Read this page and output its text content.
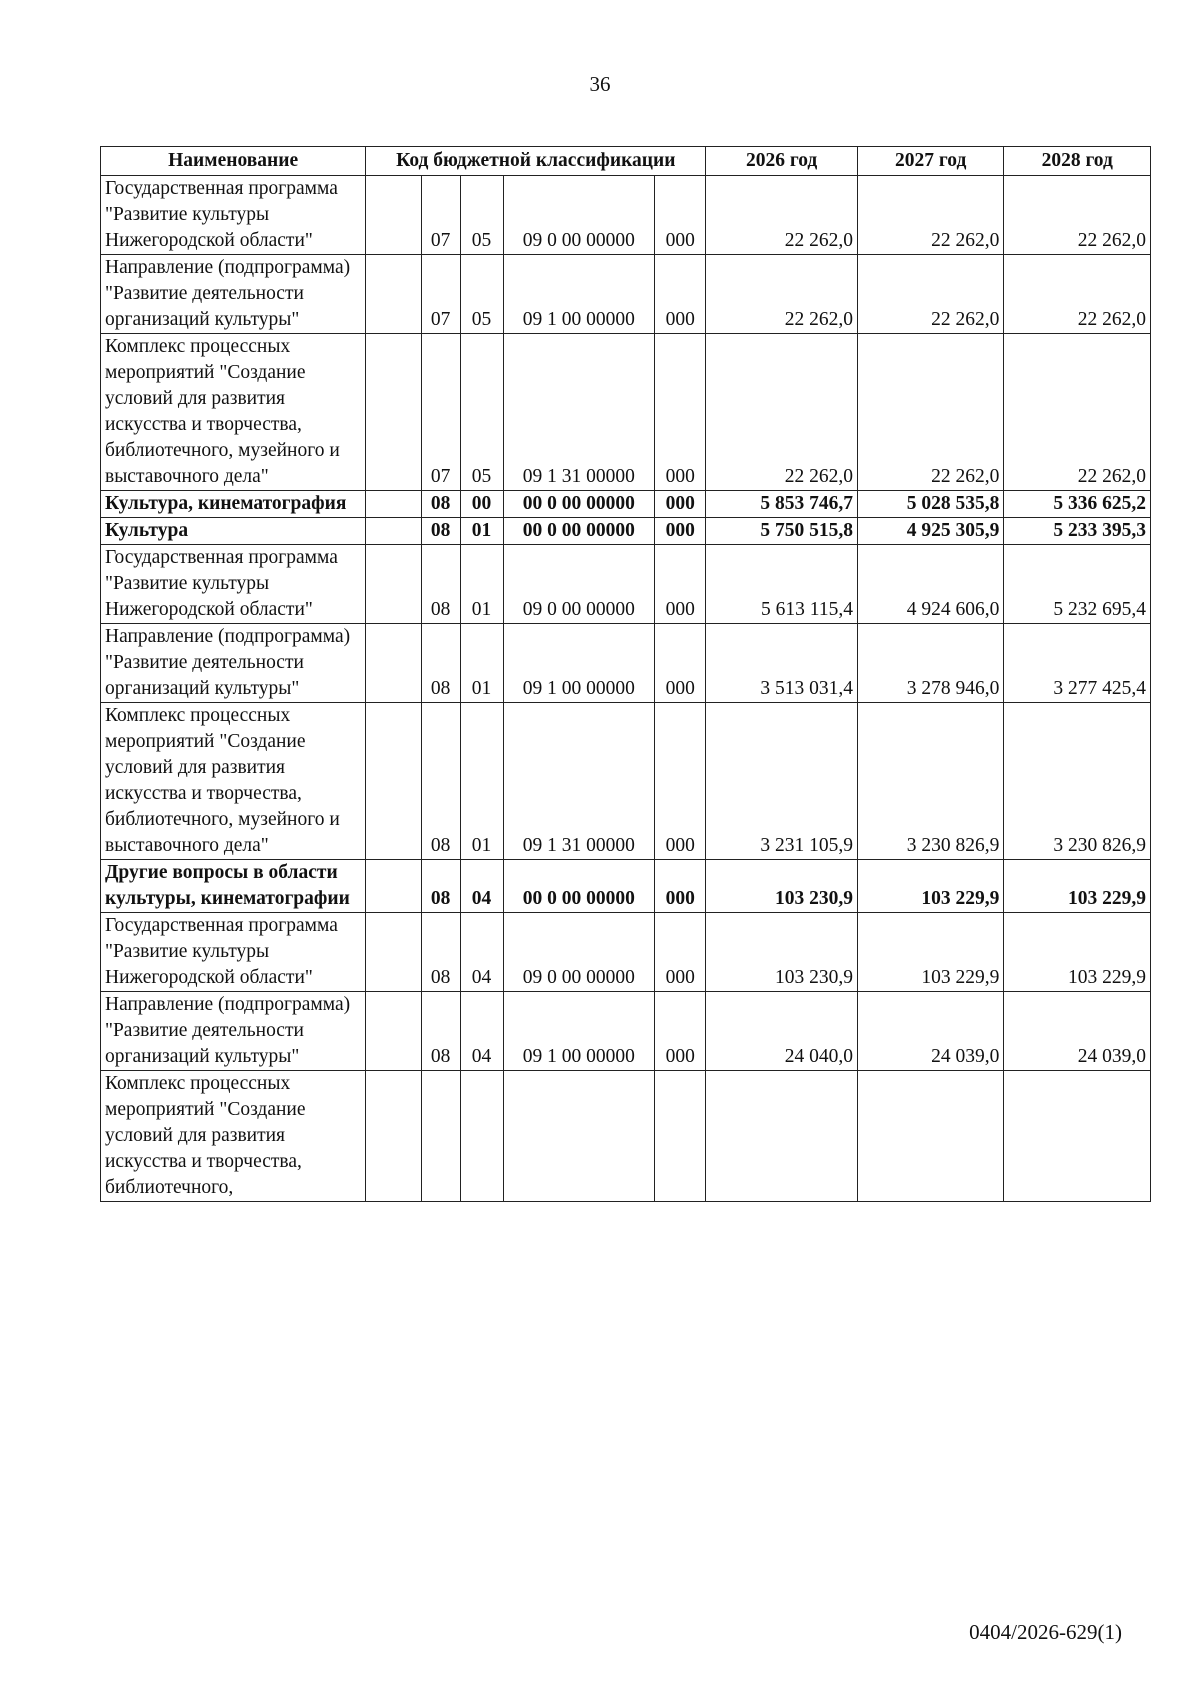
36
Наименование	Код бюджетной классификации					2026 год	2027 год	2028 год
Государственная программа "Развитие культуры Нижегородской области"		07	05	09 0 00 00000	000	22 262,0	22 262,0	22 262,0
Направление (подпрограмма) "Развитие деятельности организаций культуры"		07	05	09 1 00 00000	000	22 262,0	22 262,0	22 262,0
Комплекс процессных мероприятий "Создание условий для развития искусства и творчества, библиотечного, музейного и выставочного дела"		07	05	09 1 31 00000	000	22 262,0	22 262,0	22 262,0
Культура, кинематография		08	00	00 0 00 00000	000	5 853 746,7	5 028 535,8	5 336 625,2
Культура		08	01	00 0 00 00000	000	5 750 515,8	4 925 305,9	5 233 395,3
Государственная программа "Развитие культуры Нижегородской области"		08	01	09 0 00 00000	000	5 613 115,4	4 924 606,0	5 232 695,4
Направление (подпрограмма) "Развитие деятельности организаций культуры"		08	01	09 1 00 00000	000	3 513 031,4	3 278 946,0	3 277 425,4
Комплекс процессных мероприятий "Создание условий для развития искусства и творчества, библиотечного, музейного и выставочного дела"		08	01	09 1 31 00000	000	3 231 105,9	3 230 826,9	3 230 826,9
Другие вопросы в области культуры, кинематографии		08	04	00 0 00 00000	000	103 230,9	103 229,9	103 229,9
Государственная программа "Развитие культуры Нижегородской области"		08	04	09 0 00 00000	000	103 230,9	103 229,9	103 229,9
Направление (подпрограмма) "Развитие деятельности организаций культуры"		08	04	09 1 00 00000	000	24 040,0	24 039,0	24 039,0
Комплекс процессных мероприятий "Создание условий для развития искусства и творчества, библиотечного,								
0404/2026-629(1)
